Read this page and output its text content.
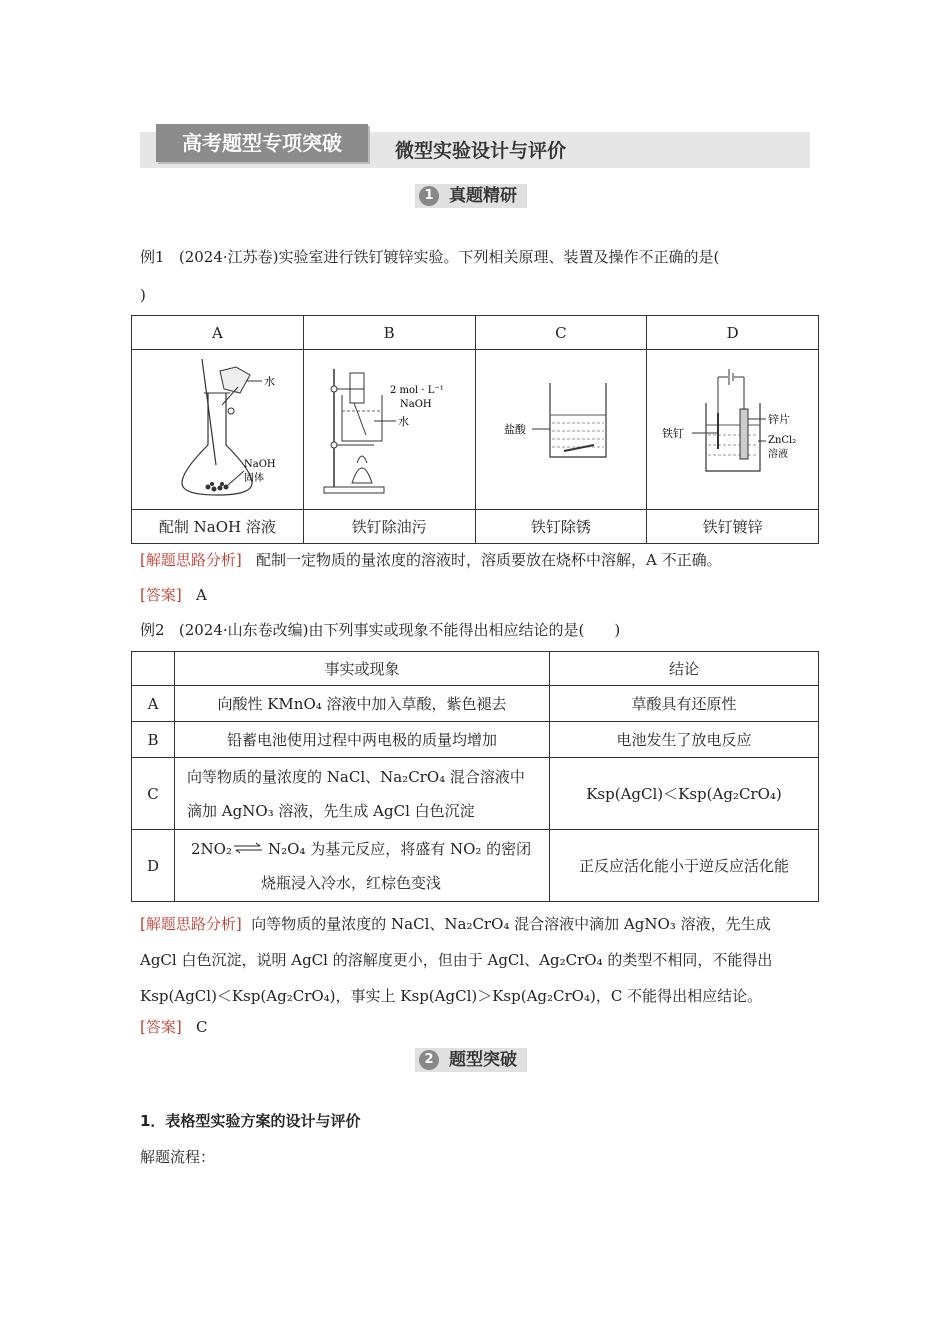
高考题型专项突破	微型实验设计与评价
1 真题精研
例1 (2024·江苏卷)实验室进行铁钉镀锌实验。下列相关原理、装置及操作不正确的是(
)
A	B	C	D

水
NaOH
固体	2 mol · L⁻¹
NaOH
水	盐酸	锌片
ZnCl₂
溶液
铁钉

配制 NaOH 溶液	铁钉除油污	铁钉除锈	铁钉镀锌
[解题思路分析] 配制一定物质的量浓度的溶液时，溶质要放在烧杯中溶解，A 不正确。
[答案] A
例2 (2024·山东卷改编)由下列事实或现象不能得出相应结论的是(　　)
	事实或现象	结论
A	向酸性 KMnO₄ 溶液中加入草酸，紫色褪去	草酸具有还原性
B	铅蓄电池使用过程中两电极的质量均增加	电池发生了放电反应
C	向等物质的量浓度的 NaCl、Na₂CrO₄ 混合溶液中
滴加 AgNO₃ 溶液，先生成 AgCl 白色沉淀	Ksp(AgCl)＜Ksp(Ag₂CrO₄)
D	2NO₂⇌N₂O₄ 为基元反应，将盛有 NO₂ 的密闭
烧瓶浸入冷水，红棕色变浅	正反应活化能小于逆反应活化能
[解题思路分析] 向等物质的量浓度的 NaCl、Na₂CrO₄ 混合溶液中滴加 AgNO₃ 溶液，先生成
AgCl 白色沉淀，说明 AgCl 的溶解度更小，但由于 AgCl、Ag₂CrO₄ 的类型不相同，不能得出
Ksp(AgCl)＜Ksp(Ag₂CrO₄)，事实上 Ksp(AgCl)＞Ksp(Ag₂CrO₄)，C 不能得出相应结论。
[答案] C
2 题型突破
1．表格型实验方案的设计与评价
解题流程：
